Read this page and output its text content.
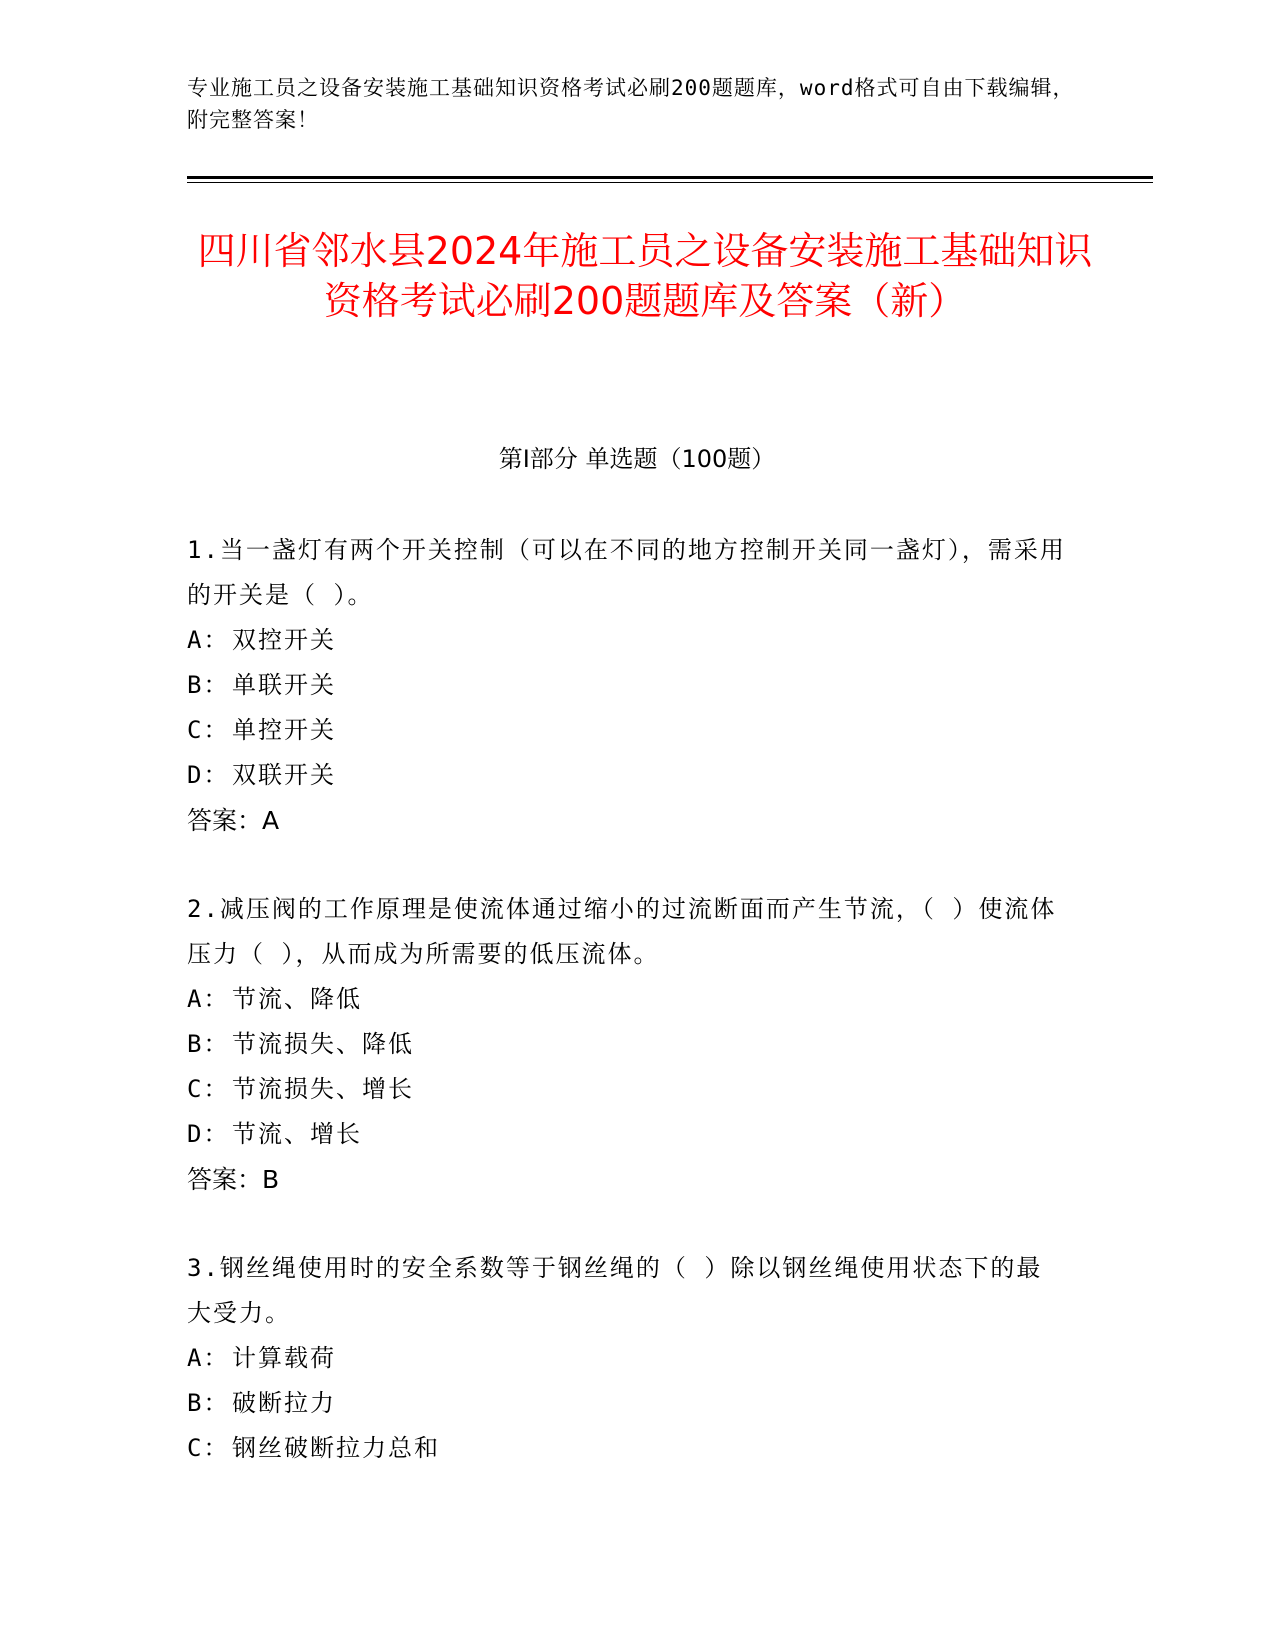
专业施工员之设备安装施工基础知识资格考试必刷200题题库，word格式可自由下载编辑，附完整答案！
四川省邻水县2024年施工员之设备安装施工基础知识资格考试必刷200题题库及答案（新）
第Ⅰ部分 单选题（100题）
1.当一盏灯有两个开关控制（可以在不同的地方控制开关同一盏灯），需采用的开关是（ ）。
A： 双控开关
B： 单联开关
C： 单控开关
D： 双联开关
答案：A
2.减压阀的工作原理是使流体通过缩小的过流断面而产生节流，（ ）使流体压力（ ），从而成为所需要的低压流体。
A： 节流、降低
B： 节流损失、降低
C： 节流损失、增长
D： 节流、增长
答案：B
3.钢丝绳使用时的安全系数等于钢丝绳的（ ）除以钢丝绳使用状态下的最大受力。
A： 计算载荷
B： 破断拉力
C： 钢丝破断拉力总和
